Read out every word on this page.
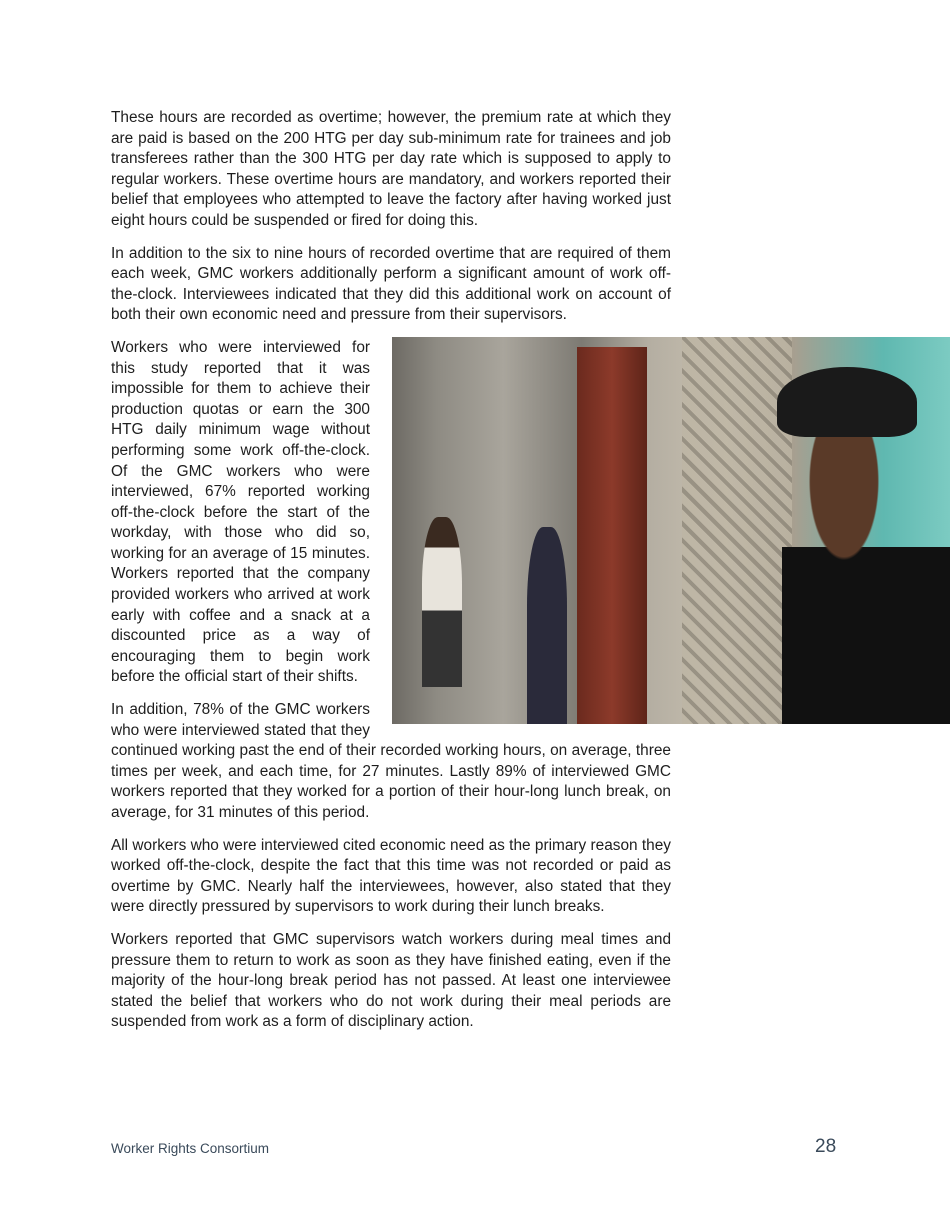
These hours are recorded as overtime; however, the premium rate at which they are paid is based on the 200 HTG per day sub-minimum rate for trainees and job transferees rather than the 300 HTG per day rate which is supposed to apply to regular workers. These overtime hours are mandatory, and workers reported their belief that employees who attempted to leave the factory after having worked just eight hours could be suspended or fired for doing this.

In addition to the six to nine hours of recorded overtime that are required of them each week, GMC workers additionally perform a significant amount of work off-the-clock. Interviewees indicated that they did this additional work on account of both their own economic need and pressure from their supervisors.

Workers who were interviewed for this study reported that it was impossible for them to achieve their production quotas or earn the 300 HTG daily minimum wage without performing some work off-the-clock. Of the GMC workers who were interviewed, 67% reported working off-the-clock before the start of the workday, with those who did so, working for an average of 15 minutes. Workers reported that the company provided workers who arrived at work early with coffee and a snack at a discounted price as a way of encouraging them to begin work before the official start of their shifts.

In addition, 78% of the GMC workers who were interviewed stated that they continued working past the end of their recorded working hours, on average, three times per week, and each time, for 27 minutes. Lastly 89% of interviewed GMC workers reported that they worked for a portion of their hour-long lunch break, on average, for 31 minutes of this period.

All workers who were interviewed cited economic need as the primary reason they worked off-the-clock, despite the fact that this time was not recorded or paid as overtime by GMC. Nearly half the interviewees, however, also stated that they were directly pressured by supervisors to work during their lunch breaks.

Workers reported that GMC supervisors watch workers during meal times and pressure them to return to work as soon as they have finished eating, even if the majority of the hour-long break period has not passed. At least one interviewee stated the belief that workers who do not work during their meal periods are suspended from work as a form of disciplinary action.

Worker Rights Consortium	28
